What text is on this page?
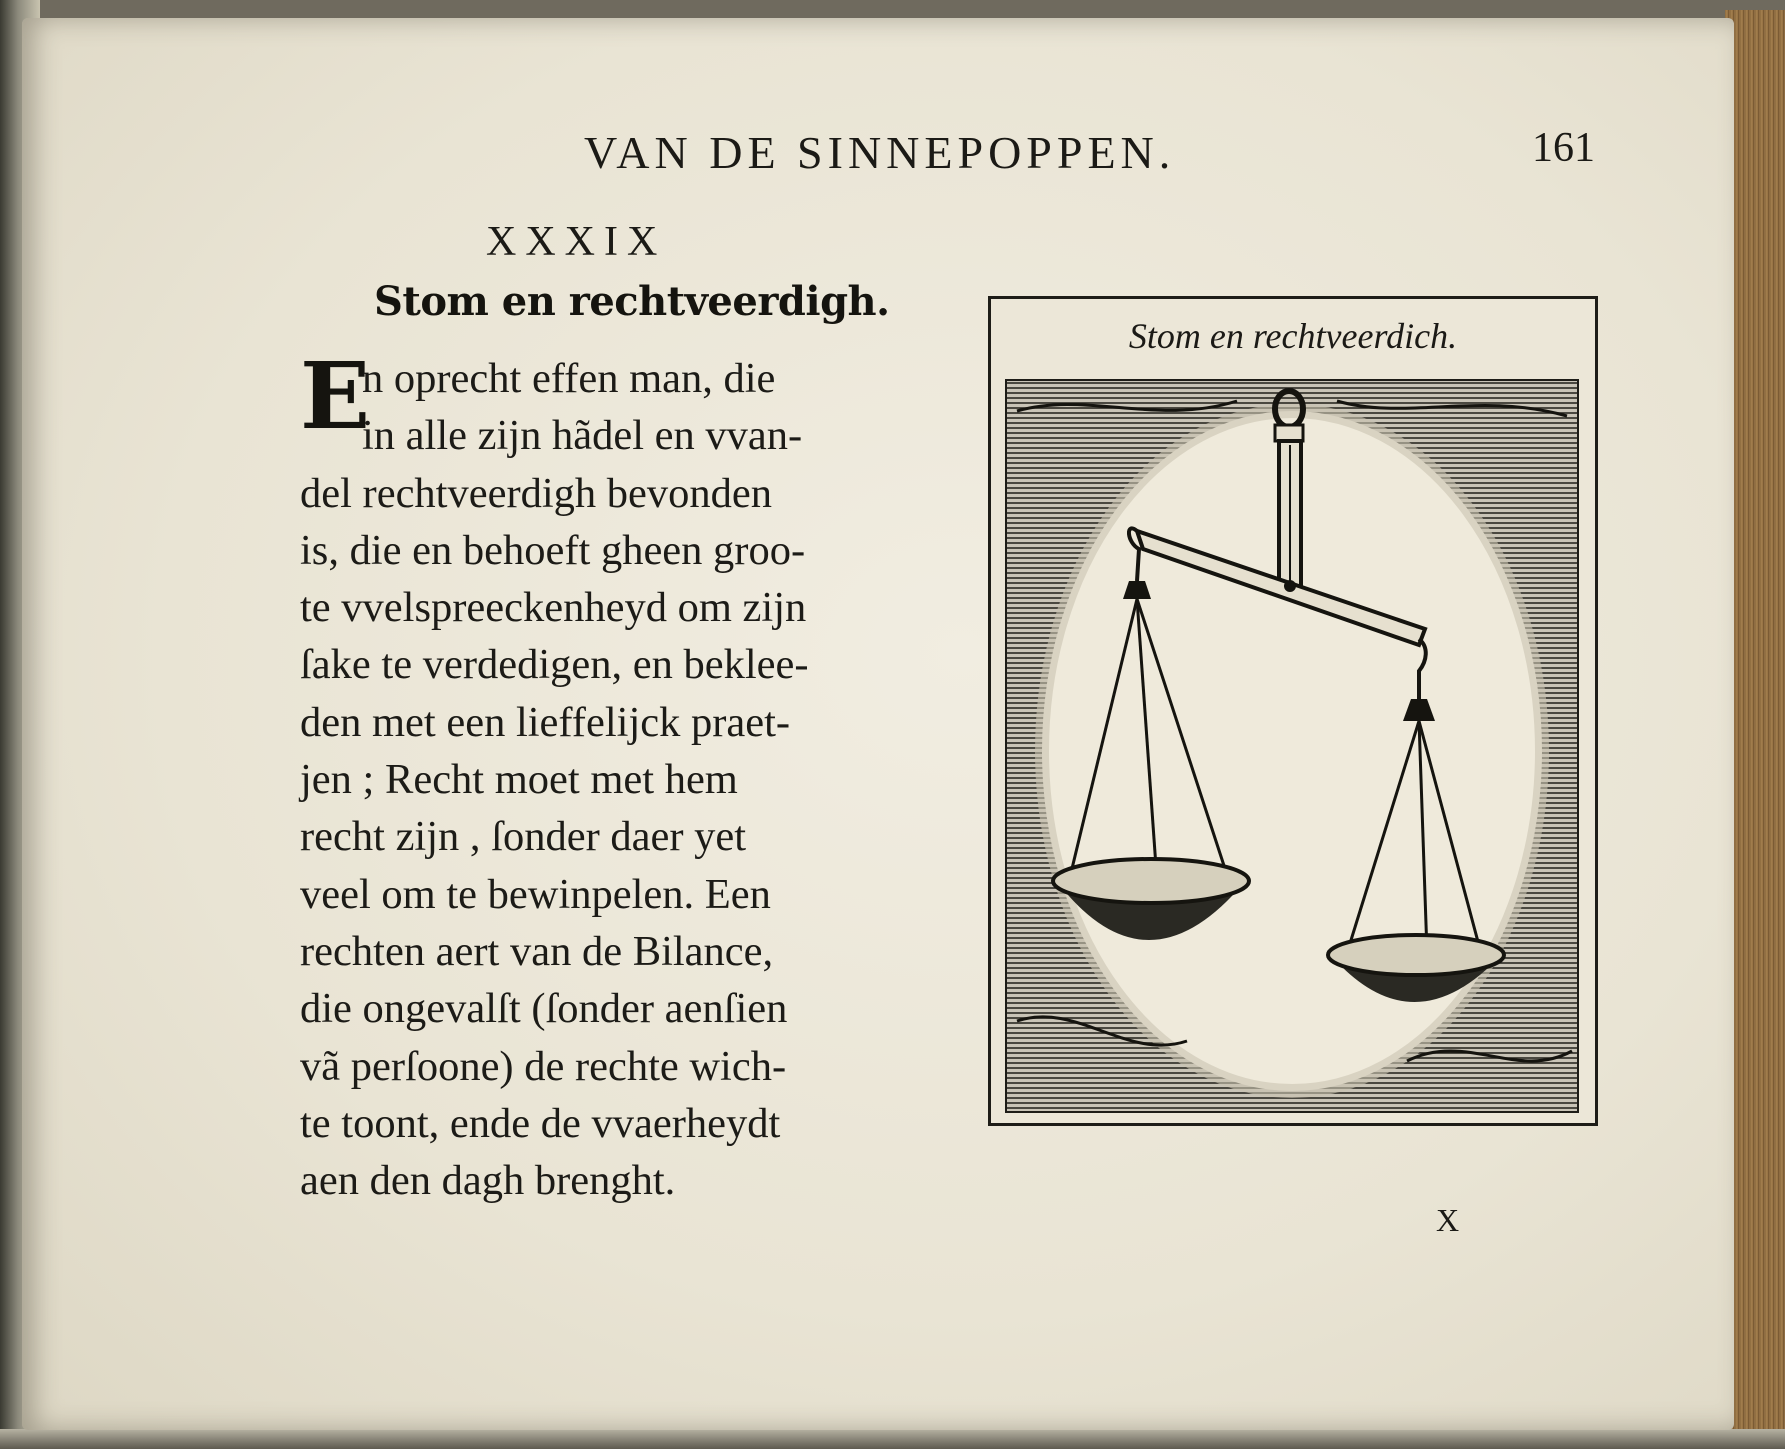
VAN DE SINNEPOPPEN.	161
XXXIX
Stom en rechtveerdigh.
E
n oprecht effen man, die
in alle zijn hãdel en vvan-
del rechtveerdigh bevonden
is, die en behoeft gheen groo-
te vvelspreeckenheyd om zijn
ſake te verdedigen, en beklee-
den met een lieffelijck praet-
jen ; Recht moet met hem
recht zijn , ſonder daer yet
veel om te bewinpelen. Een
rechten aert van de Bilance,
die ongevalſt (ſonder aenſien
vã perſoone) de rechte wich-
te toont, ende de vvaerheydt
aen den dagh brenght.
Stom en rechtveerdich.
X
